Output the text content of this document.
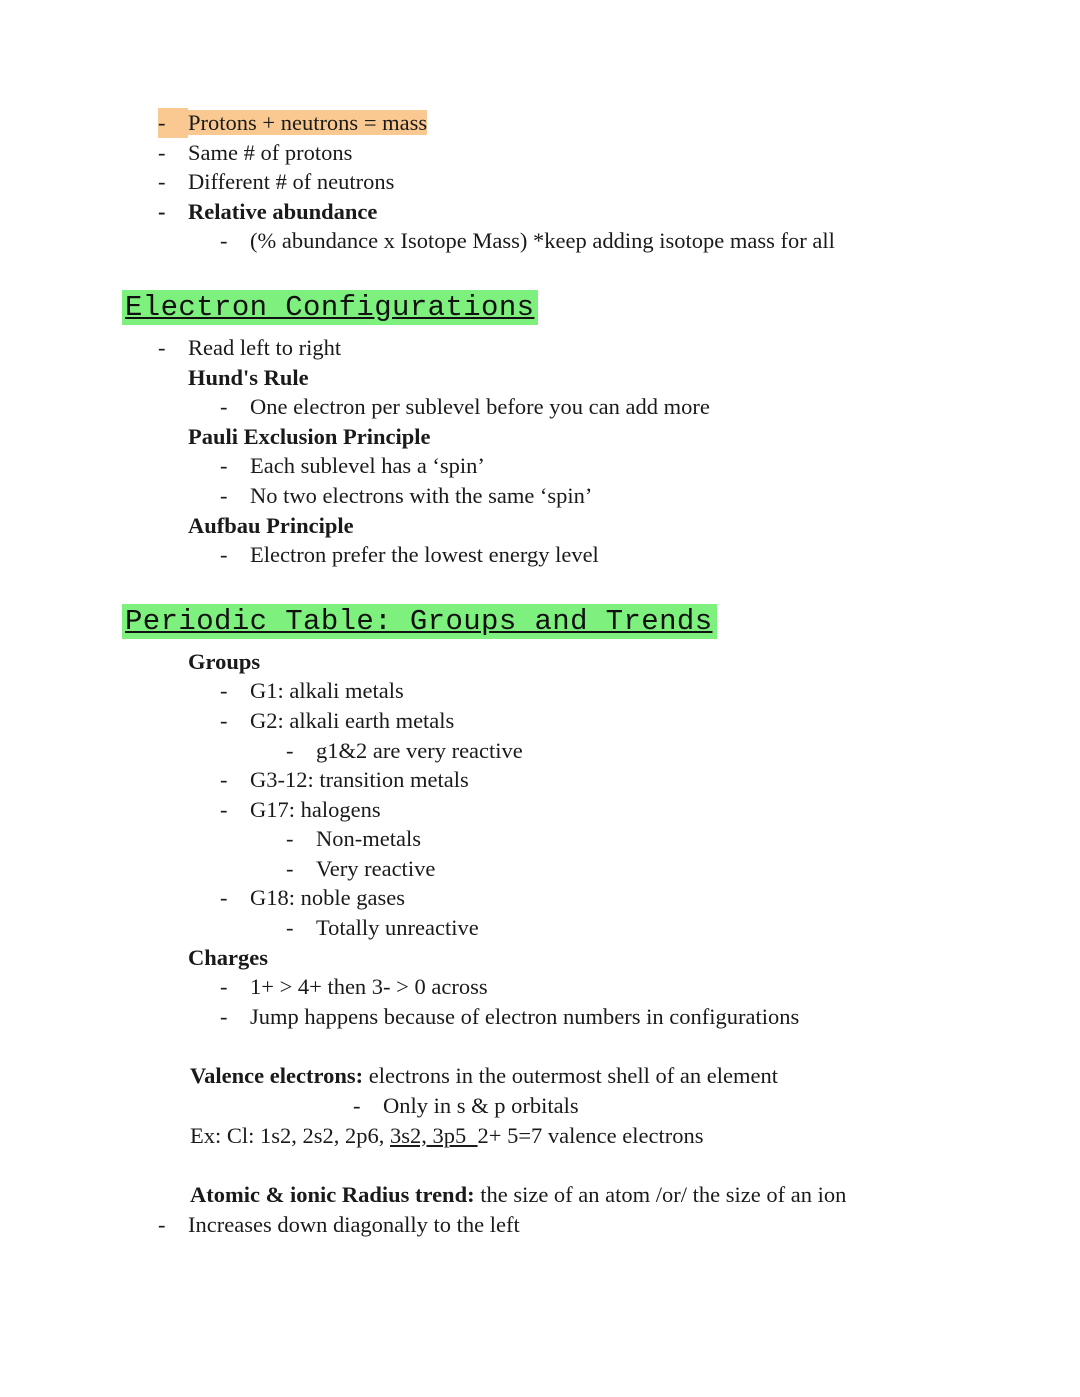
-	Protons + neutrons = mass
-	Same # of protons
-	Different # of neutrons
-	Relative abundance
-	(% abundance x Isotope Mass) *keep adding isotope mass for all
Electron Configurations
-	Read left to right
Hund's Rule
-	One electron per sublevel before you can add more
Pauli Exclusion Principle
-	Each sublevel has a ‘spin’
-	No two electrons with the same ‘spin’
Aufbau Principle
-	Electron prefer the lowest energy level
Periodic Table: Groups and Trends
Groups
-	G1: alkali metals
-	G2: alkali earth metals
-	g1&2 are very reactive
-	G3-12: transition metals
-	G17: halogens
-	Non-metals
-	Very reactive
-	G18: noble gases
-	Totally unreactive
Charges
-	1+ > 4+ then 3- > 0 across
-	Jump happens because of electron numbers in configurations
Valence electrons: electrons in the outermost shell of an element
-	Only in s & p orbitals
Ex: Cl: 1s2, 2s2, 2p6, 3s2, 3p5  2+ 5=7 valence electrons
Atomic & ionic Radius trend: the size of an atom /or/ the size of an ion
-	Increases down diagonally to the left
